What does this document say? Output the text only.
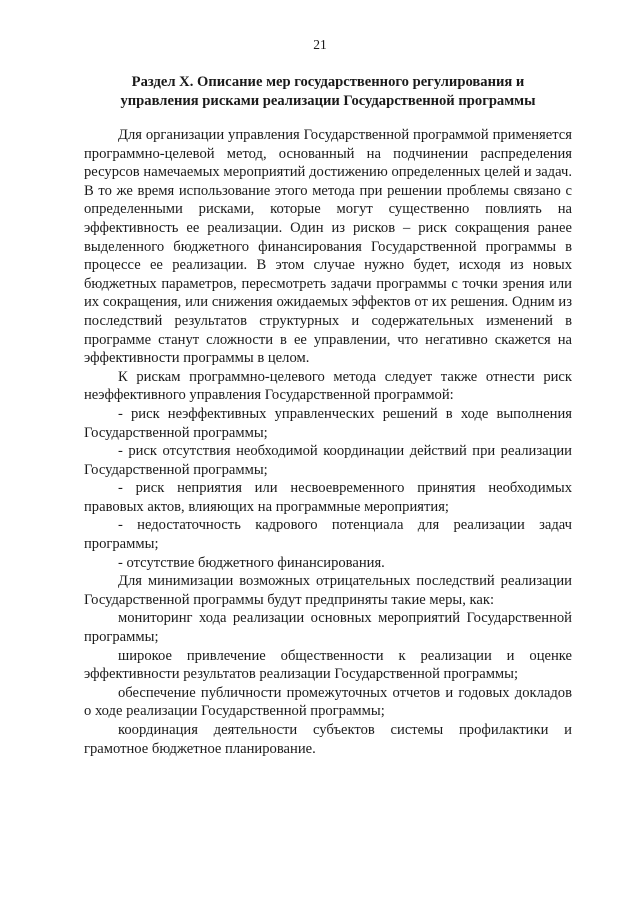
21
Раздел X. Описание мер государственного регулирования и
управления рисками реализации Государственной программы

Для организации управления Государственной программой применяется программно-целевой метод, основанный на подчинении распределения ресурсов намечаемых мероприятий достижению определенных целей и задач. В то же время использование этого метода при решении проблемы связано с определенными рисками, которые могут существенно повлиять на эффективность ее реализации. Один из рисков – риск сокращения ранее выделенного бюджетного финансирования Государственной программы в процессе ее реализации. В этом случае нужно будет, исходя из новых бюджетных параметров, пересмотреть задачи программы с точки зрения или их сокращения, или снижения ожидаемых эффектов от их решения. Одним из последствий результатов структурных и содержательных изменений в программе станут сложности в ее управлении, что негативно скажется на эффективности программы в целом.

К рискам программно-целевого метода следует также отнести риск неэффективного управления Государственной программой:

- риск неэффективных управленческих решений в ходе выполнения Государственной программы;

- риск отсутствия необходимой координации действий при реализации Государственной программы;

- риск неприятия или несвоевременного принятия необходимых правовых актов, влияющих на программные мероприятия;

- недостаточность кадрового потенциала для реализации задач программы;

- отсутствие бюджетного финансирования.

Для минимизации возможных отрицательных последствий реализации Государственной программы будут предприняты такие меры, как:

мониторинг хода реализации основных мероприятий Государственной программы;

широкое привлечение общественности к реализации и оценке эффективности результатов реализации Государственной программы;

обеспечение публичности промежуточных отчетов и годовых докладов о ходе реализации Государственной программы;

координация деятельности субъектов системы профилактики и грамотное бюджетное планирование.
